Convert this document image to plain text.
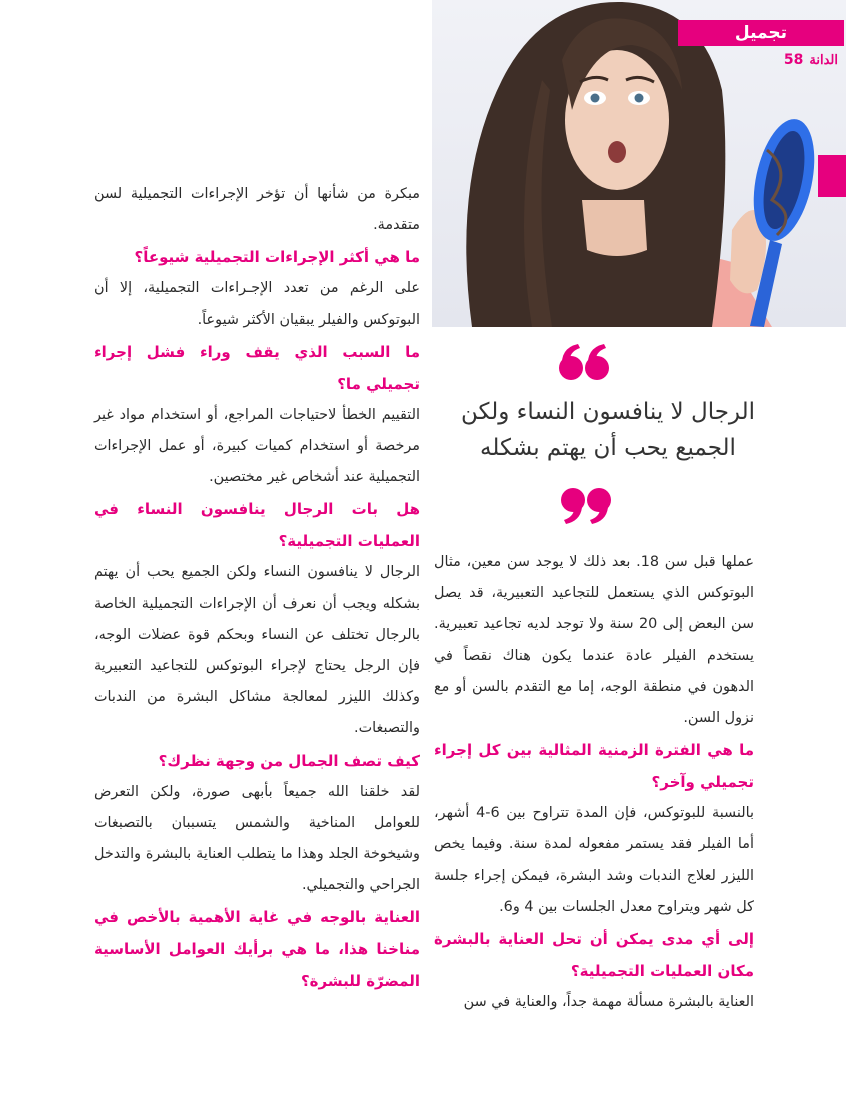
تجميل
58 الدانة
الرجال لا ينافسون النساء ولكن
الجميع يحب أن يهتم بشكله

مبكرة من شأنها أن تؤخر الإجراءات التجميلية لسن متقدمة.

ما هي أكثر الإجراءات التجميلية شيوعاً؟

على الرغم من تعدد الإجـراءات التجميلية، إلا أن البوتوكس والفيلر يبقيان الأكثر شيوعاً.

ما السبب الذي يقف وراء فشل إجراء تجميلي ما؟

التقييم الخطأ لاحتياجات المراجع، أو استخدام مواد غير مرخصة أو استخدام كميات كبيرة، أو عمل الإجراءات التجميلية عند أشخاص غير مختصين.

هل بات الرجال ينافسون النساء في العمليات التجميلية؟

الرجال لا ينافسون النساء ولكن الجميع يحب أن يهتم بشكله ويجب أن نعرف أن الإجراءات التجميلية الخاصة بالرجال تختلف عن النساء وبحكم قوة عضلات الوجه، فإن الرجل يحتاج لإجراء البوتوكس للتجاعيد التعبيرية وكذلك الليزر لمعالجة مشاكل البشرة من الندبات والتصبغات.

كيف تصف الجمال من وجهة نظرك؟

لقد خلقنا الله جميعاً بأبهى صورة، ولكن التعرض للعوامل المناخية والشمس يتسببان بالتصبغات وشيخوخة الجلد وهذا ما يتطلب العناية بالبشرة والتدخل الجراحي والتجميلي.

العناية بالوجه في غاية الأهمية بالأخص في مناخنا هذا، ما هي برأيك العوامل الأساسية المضرّة للبشرة؟

عملها قبل سن 18. بعد ذلك لا يوجد سن معين، مثال البوتوكس الذي يستعمل للتجاعيد التعبيرية، قد يصل سن البعض إلى 20 سنة ولا توجد لديه تجاعيد تعبيرية. يستخدم الفيلر عادة عندما يكون هناك نقصاً في الدهون في منطقة الوجه، إما مع التقدم بالسن أو مع نزول السن.

ما هي الفترة الزمنية المثالية بين كل إجراء تجميلي وآخر؟

بالنسبة للبوتوكس، فإن المدة تتراوح بين 6-4 أشهر، أما الفيلر فقد يستمر مفعوله لمدة سنة. وفيما يخص الليزر لعلاج الندبات وشد البشرة، فيمكن إجراء جلسة كل شهر ويتراوح معدل الجلسات بين 4 و6.

إلى أي مدى يمكن أن تحل العناية بالبشرة مكان العمليات التجميلية؟

العناية بالبشرة مسألة مهمة جداً، والعناية في سن
